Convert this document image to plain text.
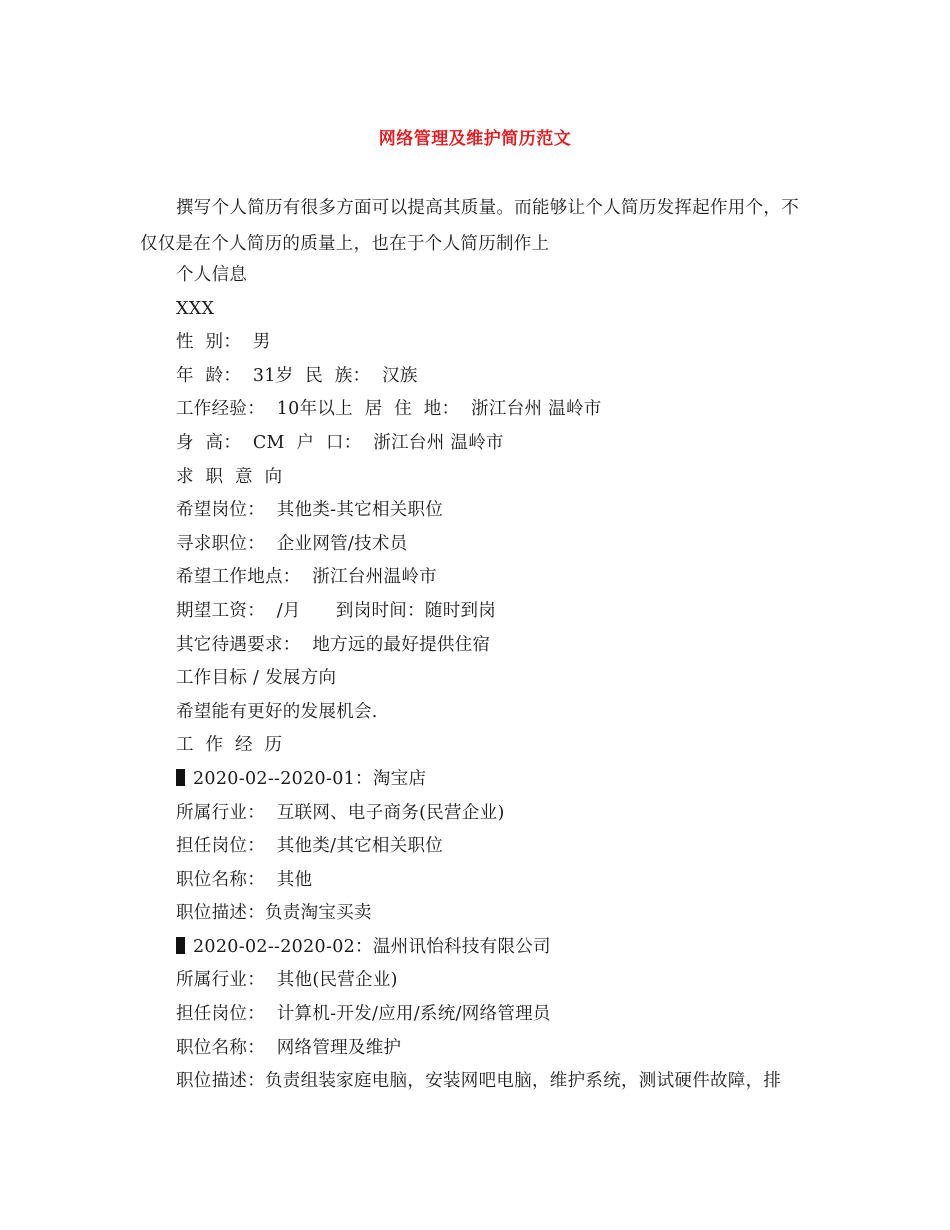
网络管理及维护简历范文
撰写个人简历有很多方面可以提高其质量。而能够让个人简历发挥起作用个，不仅仅是在个人简历的质量上，也在于个人简历制作上
个人信息
XXX
性  别：  男
年  龄：  31岁  民  族：  汉族
工作经验：  10年以上  居  住  地：  浙江台州 温岭市
身  高：  CM  户  口：  浙江台州 温岭市
求  职  意  向
希望岗位：  其他类-其它相关职位
寻求职位：  企业网管/技术员
希望工作地点：  浙江台州温岭市
期望工资：  /月      到岗时间：随时到岗
其它待遇要求：  地方远的最好提供住宿
工作目标 / 发展方向
希望能有更好的发展机会.
工  作  经  历
2020-02--2020-01：淘宝店
所属行业：  互联网、电子商务(民营企业)
担任岗位：  其他类/其它相关职位
职位名称：  其他
职位描述：负责淘宝买卖
2020-02--2020-02：温州讯怡科技有限公司
所属行业：  其他(民营企业)
担任岗位：  计算机-开发/应用/系统/网络管理员
职位名称：  网络管理及维护
职位描述：负责组装家庭电脑，安装网吧电脑，维护系统，测试硬件故障，排
